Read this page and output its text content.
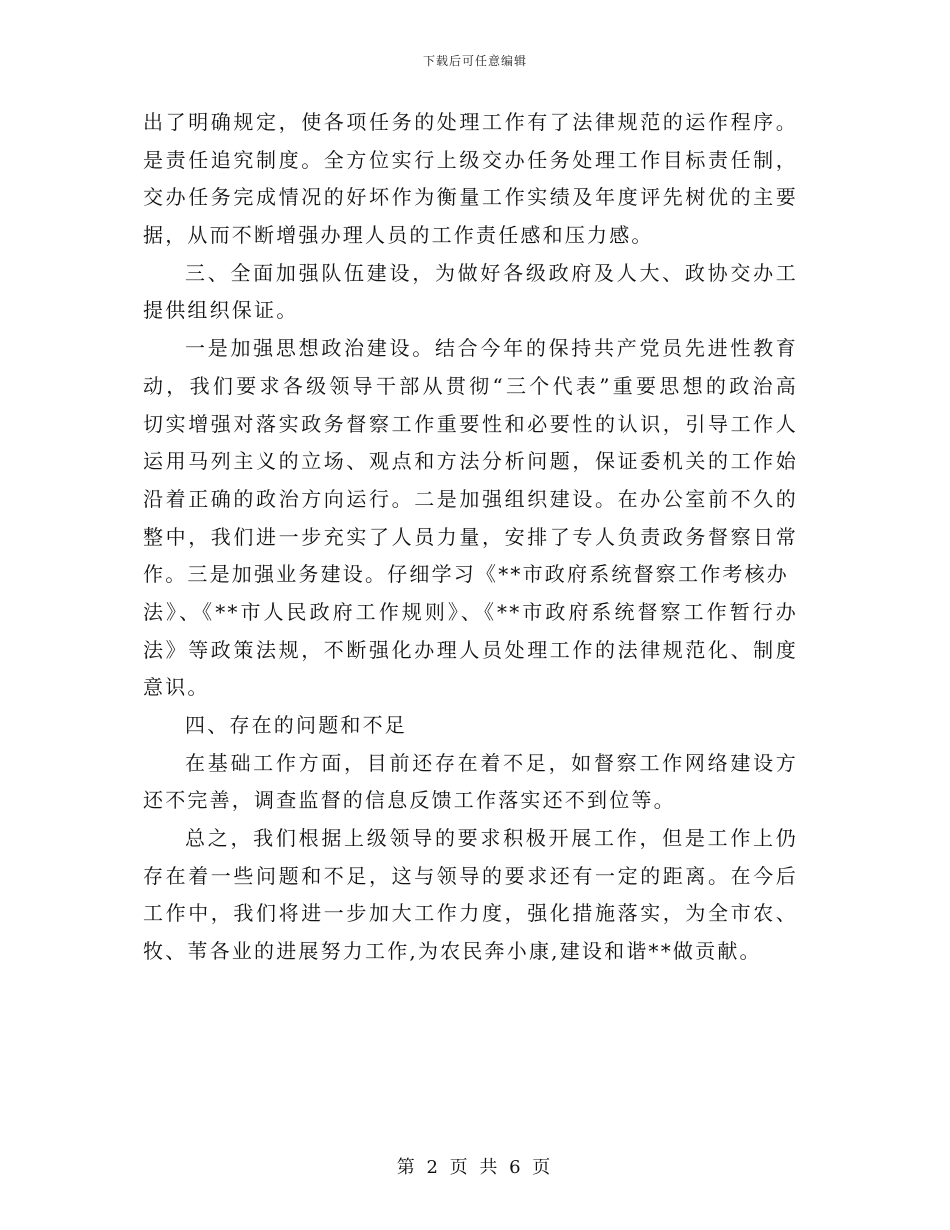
下载后可任意编辑
出了明确规定，使各项任务的处理工作有了法律规范的运作程序。
是责任追究制度。全方位实行上级交办任务处理工作目标责任制，
交办任务完成情况的好坏作为衡量工作实绩及年度评先树优的主要
据，从而不断增强办理人员的工作责任感和压力感。
三、全面加强队伍建设，为做好各级政府及人大、政协交办工
提供组织保证。
一是加强思想政治建设。结合今年的保持共产党员先进性教育
动，我们要求各级领导干部从贯彻“三个代表”重要思想的政治高
切实增强对落实政务督察工作重要性和必要性的认识，引导工作人
运用马列主义的立场、观点和方法分析问题，保证委机关的工作始
沿着正确的政治方向运行。二是加强组织建设。在办公室前不久的
整中，我们进一步充实了人员力量，安排了专人负责政务督察日常
作。三是加强业务建设。仔细学习《**市政府系统督察工作考核办
法》、《**市人民政府工作规则》、《**市政府系统督察工作暂行办
法》等政策法规，不断强化办理人员处理工作的法律规范化、制度
意识。
四、存在的问题和不足
在基础工作方面，目前还存在着不足，如督察工作网络建设方
还不完善，调查监督的信息反馈工作落实还不到位等。
总之，我们根据上级领导的要求积极开展工作，但是工作上仍
存在着一些问题和不足，这与领导的要求还有一定的距离。在今后
工作中，我们将进一步加大工作力度，强化措施落实，为全市农、
牧、苇各业的进展努力工作,为农民奔小康,建设和谐**做贡献。
第 2 页 共 6 页
